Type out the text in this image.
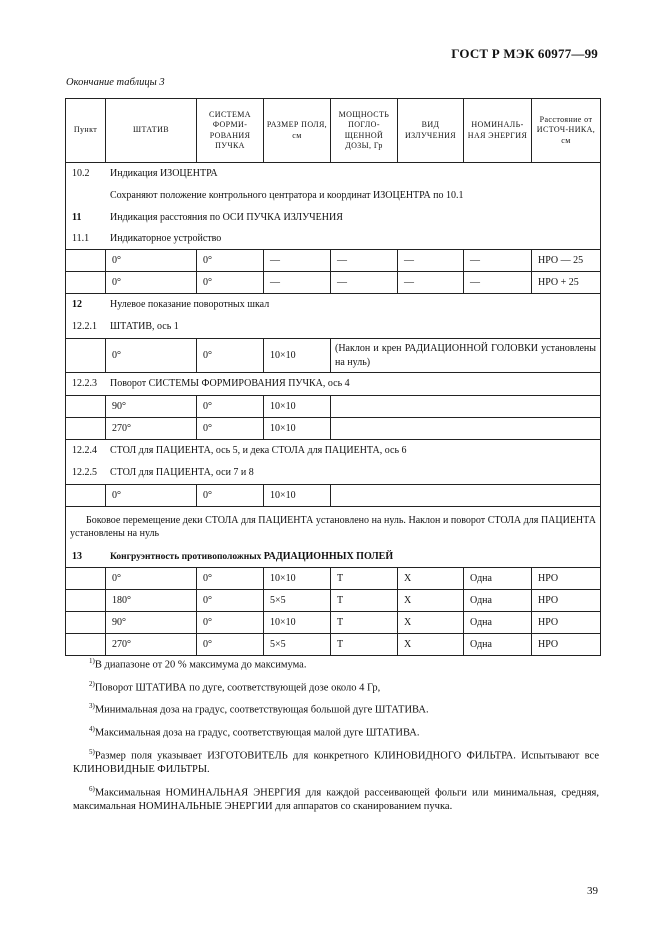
ГОСТ Р МЭК 60977—99
Окончание таблицы 3
Пункт	ШТАТИВ	СИСТЕМА ФОРМИ-РОВАНИЯ ПУЧКА	РАЗМЕР ПОЛЯ, см	МОЩНОСТЬ ПОГЛО-ЩЕННОЙ ДОЗЫ, Гр	ВИД ИЗЛУЧЕНИЯ	НОМИНАЛЬ-НАЯ ЭНЕРГИЯ	Расстояние от ИСТОЧ-НИКА, см
10.2 Индикация ИЗОЦЕНТРА							
Сохраняют положение контрольного центратора и координат ИЗОЦЕНТРА по 10.1							
11 Индикация расстояния по ОСИ ПУЧКА ИЗЛУЧЕНИЯ							
11.1 Индикаторное устройство							
	0°	0°	—	—	—	—	НРО — 25
	0°	0°	—	—	—	—	НРО + 25
12 Нулевое показание поворотных шкал							
12.2.1 ШТАТИВ, ось 1							
	0°	0°	10×10	(Наклон и крен РАДИАЦИОННОЙ ГОЛОВКИ установлены на нуль)			
12.2.3 Поворот СИСТЕМЫ ФОРМИРОВАНИЯ ПУЧКА, ось 4							
	90°	0°	10×10				
	270°	0°	10×10				
12.2.4 СТОЛ для ПАЦИЕНТА, ось 5, и дека СТОЛА для ПАЦИЕНТА, ось 6							
12.2.5 СТОЛ для ПАЦИЕНТА, оси 7 и 8							
	0°	0°	10×10				
Боковое перемещение деки СТОЛА для ПАЦИЕНТА установлено на нуль. Наклон и поворот СТОЛА для ПАЦИЕНТА установлены на нуль							
13 Конгруэнтность противоположных РАДИАЦИОННЫХ ПОЛЕЙ							
	0°	0°	10×10	Т	Х	Одна	НРО
	180°	0°	5×5	Т	Х	Одна	НРО
	90°	0°	10×10	Т	Х	Одна	НРО
	270°	0°	5×5	Т	Х	Одна	НРО

$^{1)}$В диапазоне от 20 % максимума до максимума.

$^{2)}$Поворот ШТАТИВА по дуге, соответствующей дозе около 4 Гр,

$^{3)}$Минимальная доза на градус, соответствующая большой дуге ШТАТИВА.

$^{4)}$Максимальная доза на градус, соответствующая малой дуге ШТАТИВА.

$^{5)}$Размер поля указывает ИЗГОТОВИТЕЛЬ для конкретного КЛИНОВИДНОГО ФИЛЬТРА. Испытывают все КЛИНОВИДНЫЕ ФИЛЬТРЫ.

$^{6)}$Максимальная НОМИНАЛЬНАЯ ЭНЕРГИЯ для каждой рассеивающей фольги или минимальная, средняя, максимальная НОМИНАЛЬНЫЕ ЭНЕРГИИ для аппаратов со сканированием пучка.

39
